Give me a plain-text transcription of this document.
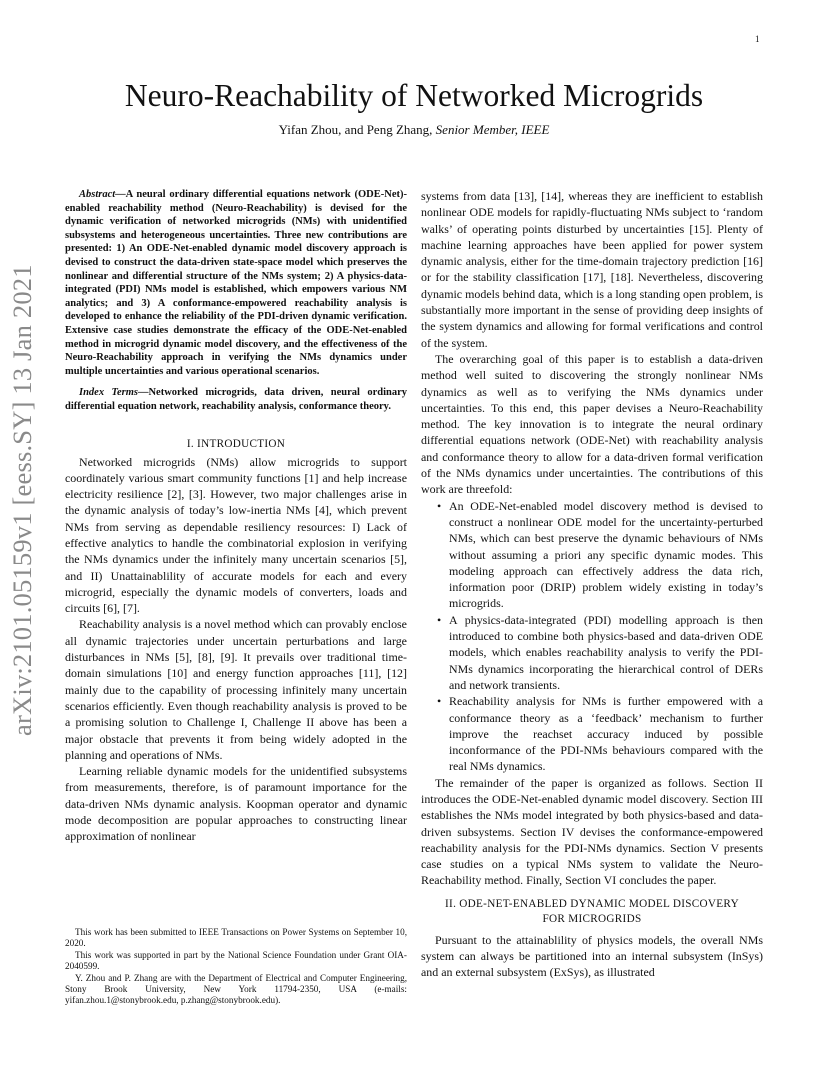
1
arXiv:2101.05159v1 [eess.SY] 13 Jan 2021
Neuro-Reachability of Networked Microgrids
Yifan Zhou, and Peng Zhang, Senior Member, IEEE

Abstract—A neural ordinary differential equations network (ODE-Net)-enabled reachability method (Neuro-Reachability) is devised for the dynamic verification of networked microgrids (NMs) with unidentified subsystems and heterogeneous uncertainties. Three new contributions are presented: 1) An ODE-Net-enabled dynamic model discovery approach is devised to construct the data-driven state-space model which preserves the nonlinear and differential structure of the NMs system; 2) A physics-data-integrated (PDI) NMs model is established, which empowers various NM analytics; and 3) A conformance-empowered reachability analysis is developed to enhance the reliability of the PDI-driven dynamic verification. Extensive case studies demonstrate the efficacy of the ODE-Net-enabled method in microgrid dynamic model discovery, and the effectiveness of the Neuro-Reachability approach in verifying the NMs dynamics under multiple uncertainties and various operational scenarios.

Index Terms—Networked microgrids, data driven, neural ordinary differential equation network, reachability analysis, conformance theory.

I. INTRODUCTION

Networked microgrids (NMs) allow microgrids to support coordinately various smart community functions [1] and help increase electricity resilience [2], [3]. However, two major challenges arise in the dynamic analysis of today’s low-inertia NMs [4], which prevent NMs from serving as dependable resiliency resources: I) Lack of effective analytics to handle the combinatorial explosion in verifying the NMs dynamics under the infinitely many uncertain scenarios [5], and II) Unattainablility of accurate models for each and every microgrid, especially the dynamic models of converters, loads and circuits [6], [7].

Reachability analysis is a novel method which can provably enclose all dynamic trajectories under uncertain perturbations and large disturbances in NMs [5], [8], [9]. It prevails over traditional time-domain simulations [10] and energy function approaches [11], [12] mainly due to the capability of processing infinitely many uncertain scenarios efficiently. Even though reachability analysis is proved to be a promising solution to Challenge I, Challenge II above has been a major obstacle that prevents it from being widely adopted in the planning and operations of NMs.

Learning reliable dynamic models for the unidentified subsystems from measurements, therefore, is of paramount importance for the data-driven NMs dynamic analysis. Koopman operator and dynamic mode decomposition are popular approaches to constructing linear approximation of nonlinear

This work has been submitted to IEEE Transactions on Power Systems on September 10, 2020.

This work was supported in part by the National Science Foundation under Grant OIA-2040599.

Y. Zhou and P. Zhang are with the Department of Electrical and Computer Engineering, Stony Brook University, New York 11794-2350, USA (e-mails: yifan.zhou.1@stonybrook.edu, p.zhang@stonybrook.edu).

systems from data [13], [14], whereas they are inefficient to establish nonlinear ODE models for rapidly-fluctuating NMs subject to ‘random walks’ of operating points disturbed by uncertainties [15]. Plenty of machine learning approaches have been applied for power system dynamic analysis, either for the time-domain trajectory prediction [16] or for the stability classification [17], [18]. Nevertheless, discovering dynamic models behind data, which is a long standing open problem, is substantially more important in the sense of providing deep insights of the system dynamics and allowing for formal verifications and control of the system.

The overarching goal of this paper is to establish a data-driven method well suited to discovering the strongly nonlinear NMs dynamics as well as to verifying the NMs dynamics under uncertainties. To this end, this paper devises a Neuro-Reachability method. The key innovation is to integrate the neural ordinary differential equations network (ODE-Net) with reachability analysis and conformance theory to allow for a data-driven formal verification of the NMs dynamics under uncertainties. The contributions of this work are threefold:

• An ODE-Net-enabled model discovery method is devised to construct a nonlinear ODE model for the uncertainty-perturbed NMs, which can best preserve the dynamic behaviours of NMs without assuming a priori any specific dynamic modes. This modeling approach can effectively address the data rich, information poor (DRIP) problem widely existing in today’s microgrids.
• A physics-data-integrated (PDI) modelling approach is then introduced to combine both physics-based and data-driven ODE models, which enables reachability analysis to verify the PDI-NMs dynamics incorporating the hierarchical control of DERs and network transients.
• Reachability analysis for NMs is further empowered with a conformance theory as a ‘feedback’ mechanism to further improve the reachset accuracy induced by possible inconformance of the PDI-NMs behaviours compared with the real NMs dynamics.

The remainder of the paper is organized as follows. Section II introduces the ODE-Net-enabled dynamic model discovery. Section III establishes the NMs model integrated by both physics-based and data-driven subsystems. Section IV devises the conformance-empowered reachability analysis for the PDI-NMs dynamics. Section V presents case studies on a typical NMs system to validate the Neuro-Reachability method. Finally, Section VI concludes the paper.

II. ODE-NET-ENABLED DYNAMIC MODEL DISCOVERY
FOR MICROGRIDS

Pursuant to the attainablility of physics models, the overall NMs system can always be partitioned into an internal subsystem (InSys) and an external subsystem (ExSys), as illustrated
